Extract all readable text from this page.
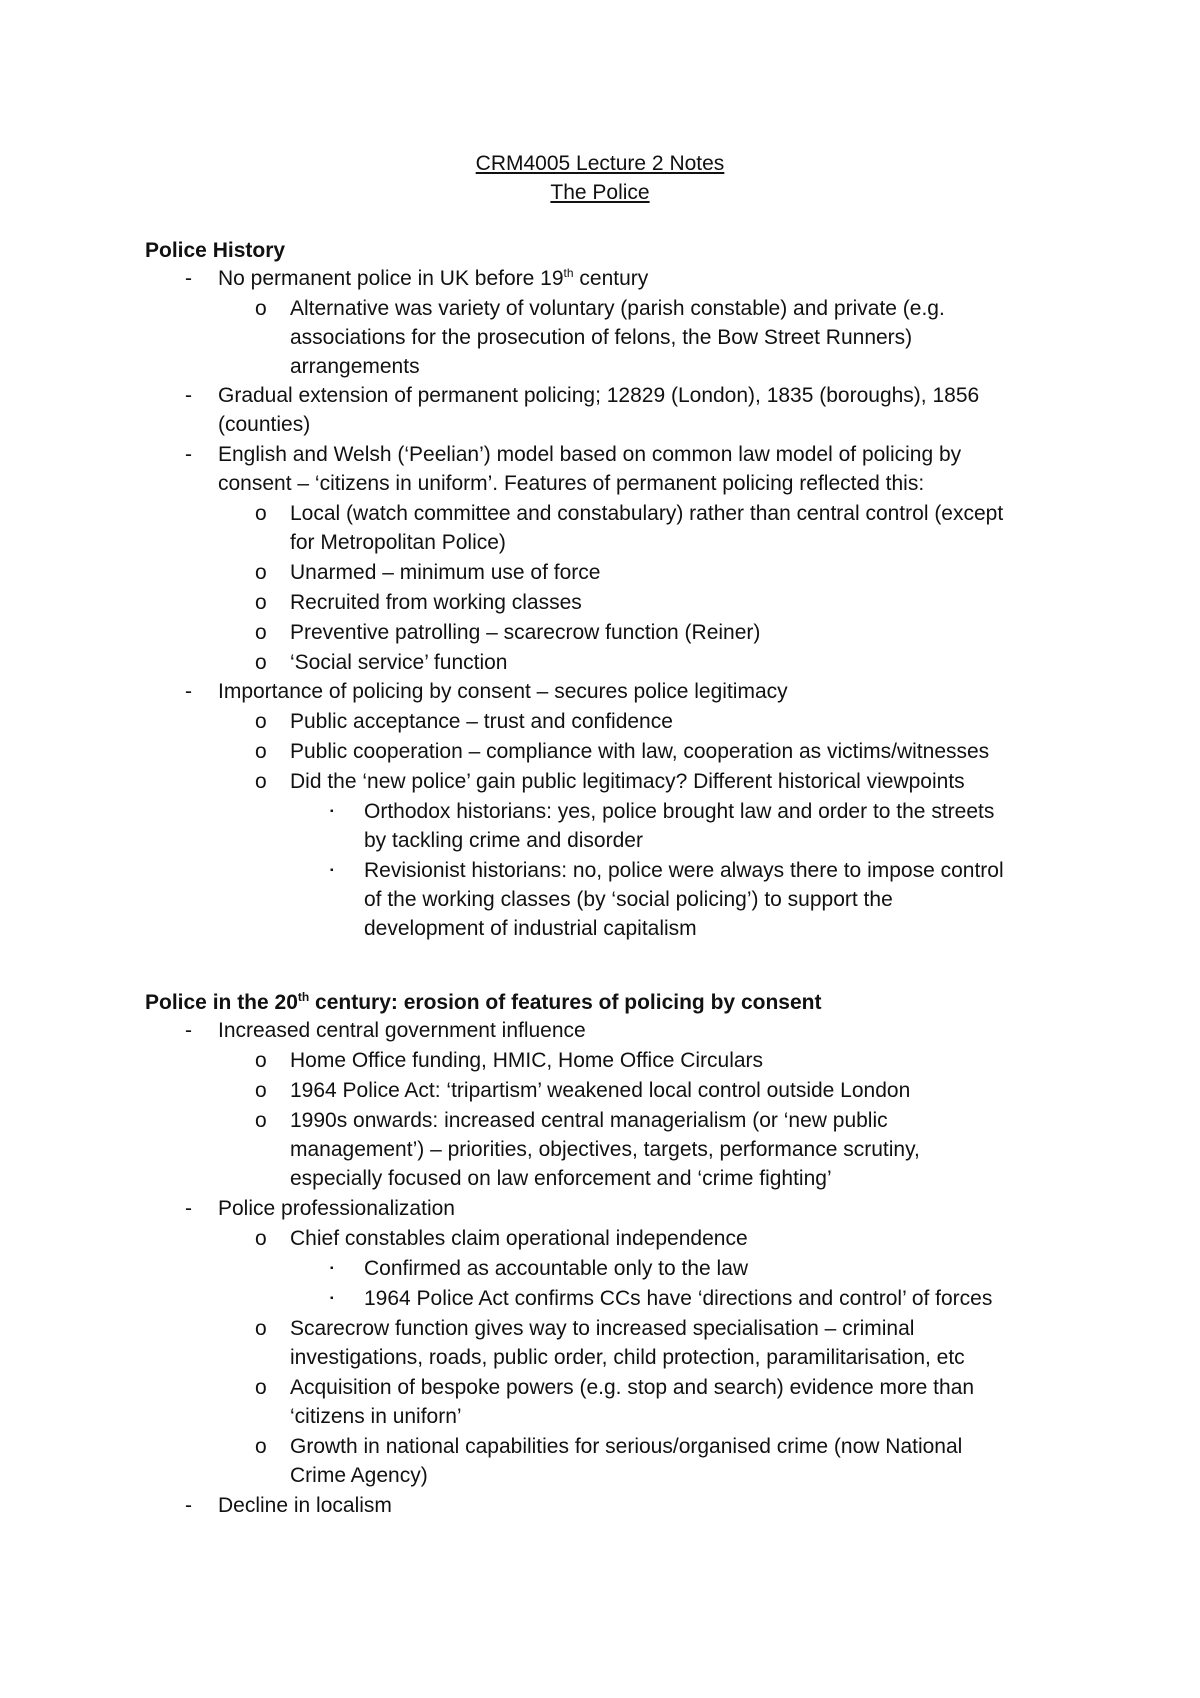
CRM4005 Lecture 2 Notes
The Police
Police History
- No permanent police in UK before 19th century
o Alternative was variety of voluntary (parish constable) and private (e.g.
associations for the prosecution of felons, the Bow Street Runners)
arrangements
- Gradual extension of permanent policing; 12829 (London), 1835 (boroughs), 1856
(counties)
- English and Welsh (‘Peelian’) model based on common law model of policing by
consent – ‘citizens in uniform’. Features of permanent policing reflected this:
o Local (watch committee and constabulary) rather than central control (except
for Metropolitan Police)
o Unarmed – minimum use of force
o Recruited from working classes
o Preventive patrolling – scarecrow function (Reiner)
o ‘Social service’ function
- Importance of policing by consent – secures police legitimacy
o Public acceptance – trust and confidence
o Public cooperation – compliance with law, cooperation as victims/witnesses
o Did the ‘new police’ gain public legitimacy? Different historical viewpoints
▪ Orthodox historians: yes, police brought law and order to the streets
by tackling crime and disorder
▪ Revisionist historians: no, police were always there to impose control
of the working classes (by ‘social policing’) to support the
development of industrial capitalism
Police in the 20th century: erosion of features of policing by consent
- Increased central government influence
o Home Office funding, HMIC, Home Office Circulars
o 1964 Police Act: ‘tripartism’ weakened local control outside London
o 1990s onwards: increased central managerialism (or ‘new public
management’) – priorities, objectives, targets, performance scrutiny,
especially focused on law enforcement and ‘crime fighting’
- Police professionalization
o Chief constables claim operational independence
▪ Confirmed as accountable only to the law
▪ 1964 Police Act confirms CCs have ‘directions and control’ of forces
o Scarecrow function gives way to increased specialisation – criminal
investigations, roads, public order, child protection, paramilitarisation, etc
o Acquisition of bespoke powers (e.g. stop and search) evidence more than
‘citizens in uniforn’
o Growth in national capabilities for serious/organised crime (now National
Crime Agency)
- Decline in localism
